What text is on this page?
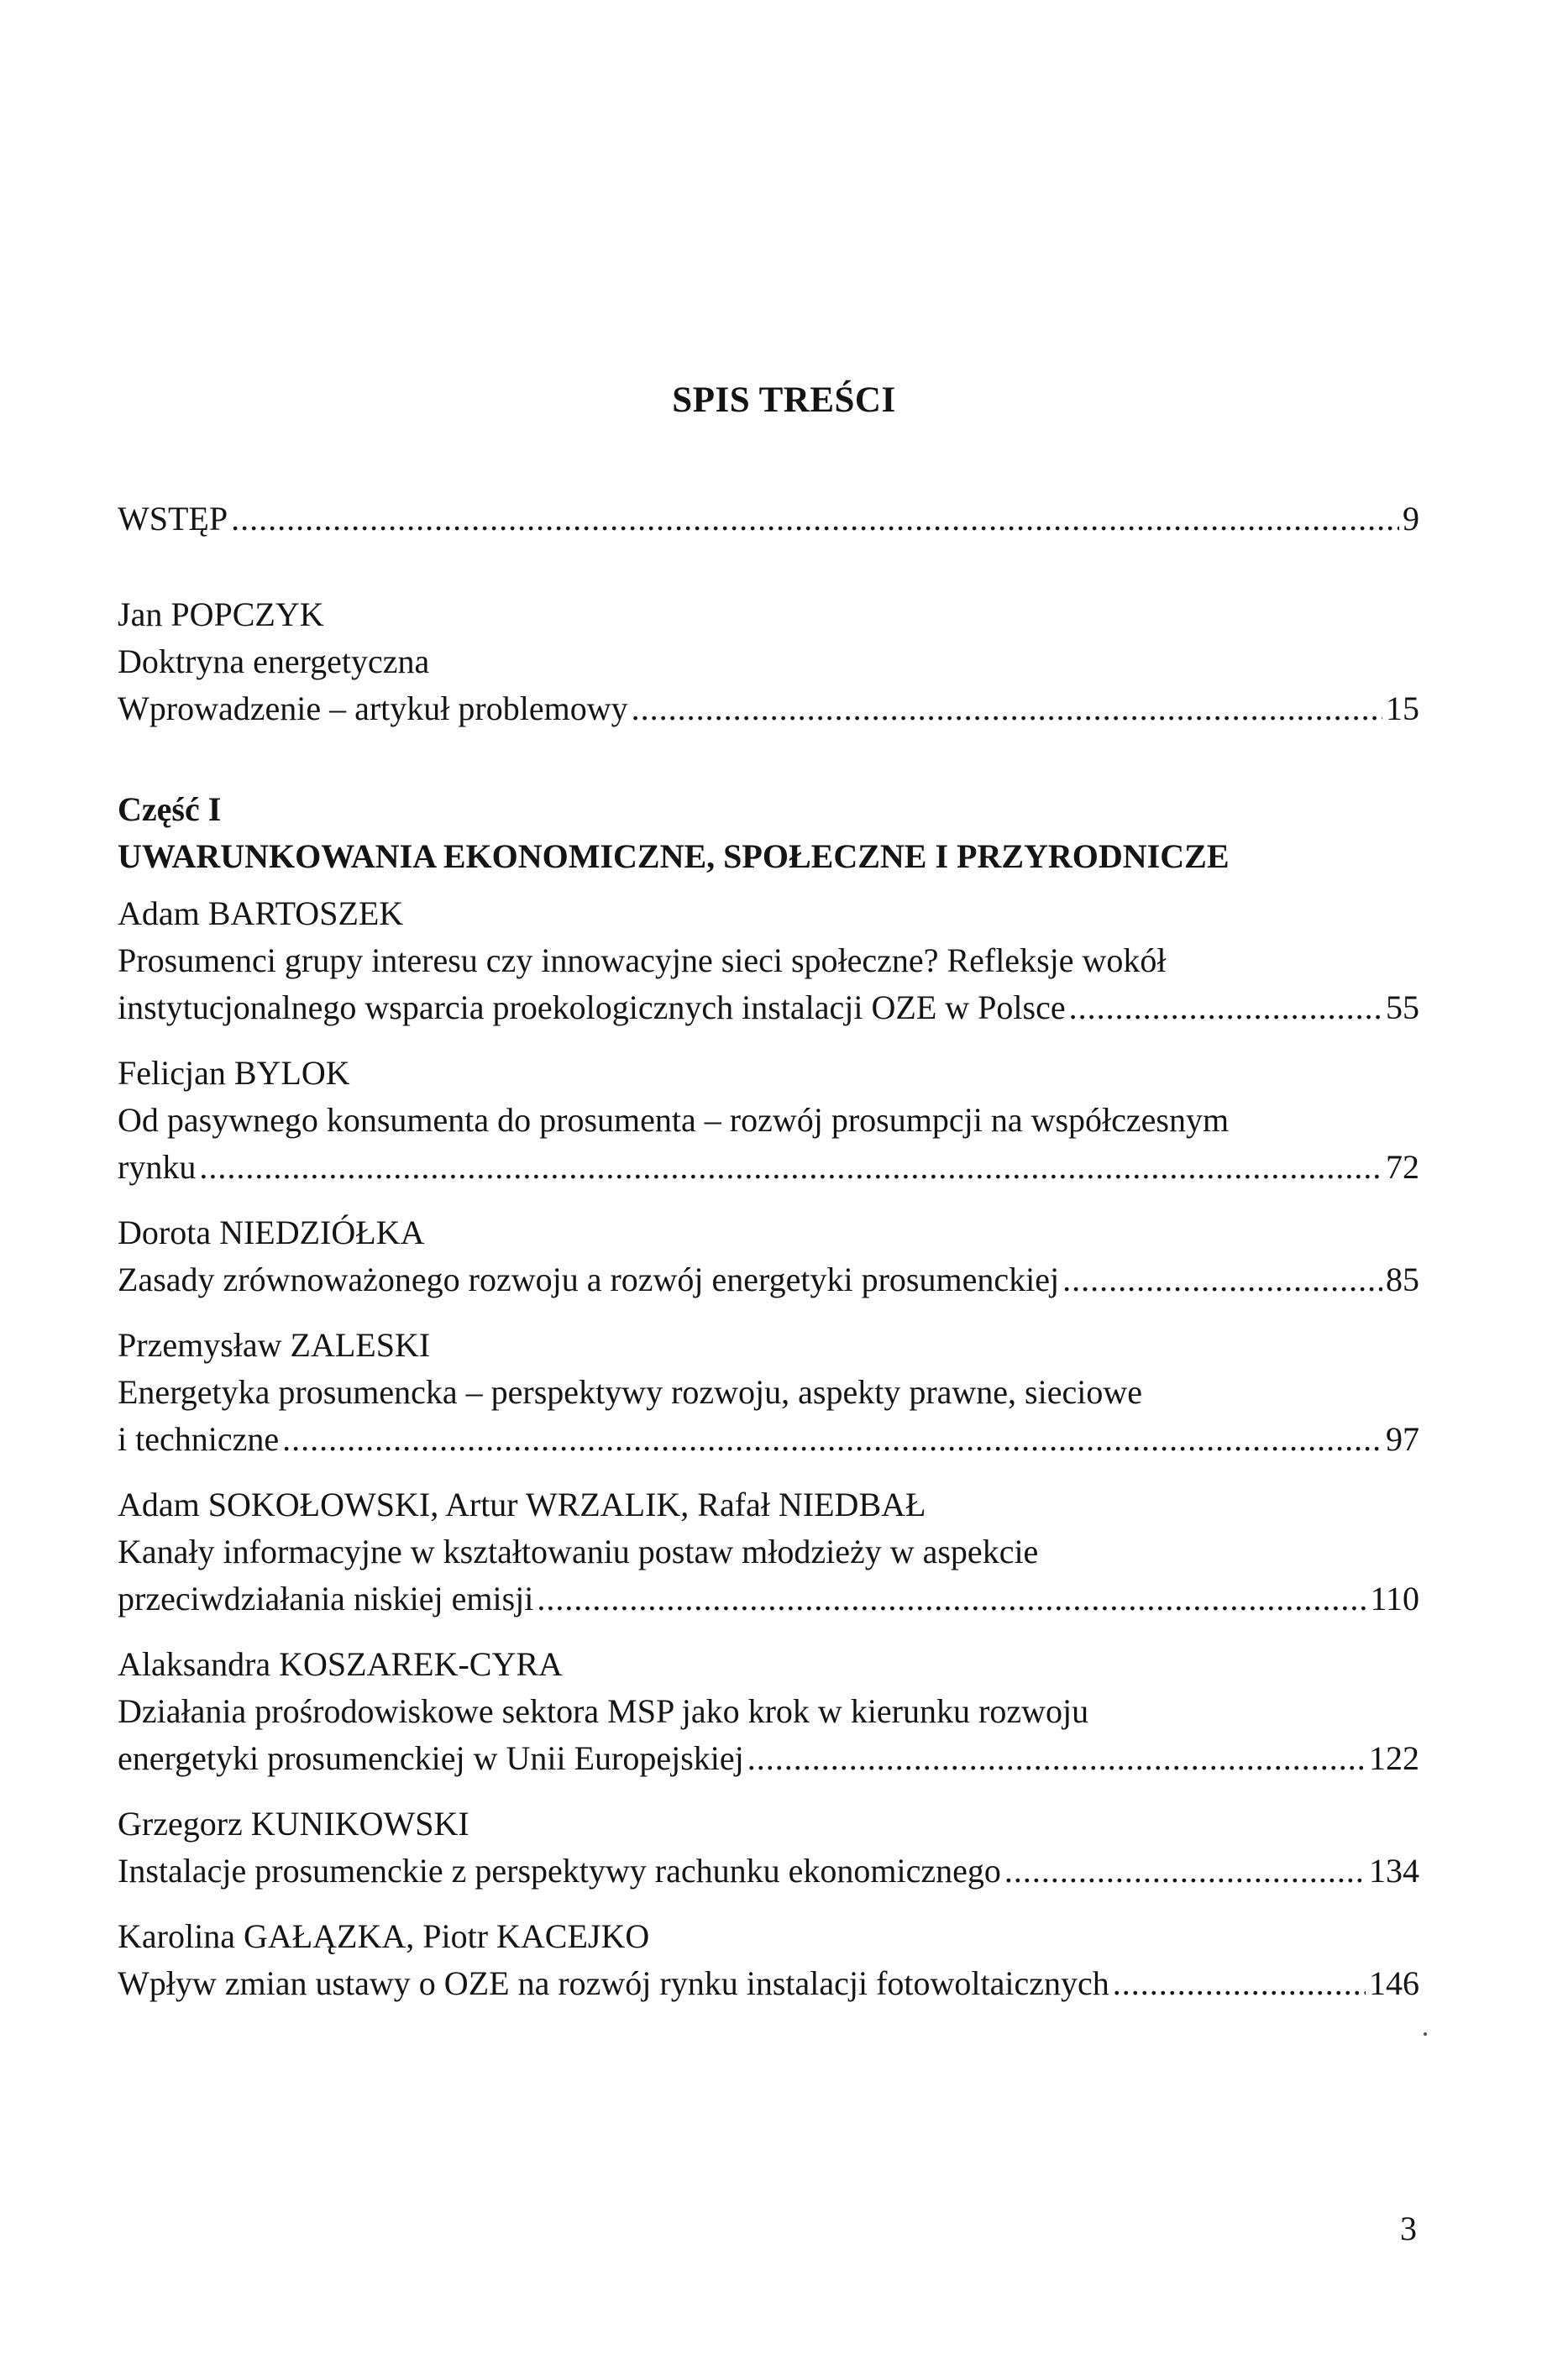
SPIS TREŚCI
WSTĘP .....	9
Jan POPCZYK
Doktryna energetyczna
Wprowadzenie – artykuł problemowy .....	15
Część I
UWARUNKOWANIA EKONOMICZNE, SPOŁECZNE I PRZYRODNICZE
Adam BARTOSZEK
Prosumenci grupy interesu czy innowacyjne sieci społeczne? Refleksje wokół
instytucjonalnego wsparcia proekologicznych instalacji OZE w Polsce .....	55
Felicjan BYLOK
Od pasywnego konsumenta do prosumenta – rozwój prosumpcji na współczesnym
rynku .....	72
Dorota NIEDZIÓŁKA
Zasady zrównoważonego rozwoju a rozwój energetyki prosumenckiej .....	85
Przemysław ZALESKI
Energetyka prosumencka – perspektywy rozwoju, aspekty prawne, sieciowe
i techniczne .....	97
Adam SOKOŁOWSKI, Artur WRZALIK, Rafał NIEDBAŁ
Kanały informacyjne w kształtowaniu postaw młodzieży w aspekcie
przeciwdziałania niskiej emisji .....	110
Alaksandra KOSZAREK-CYRA
Działania prośrodowiskowe sektora MSP jako krok w kierunku rozwoju
energetyki prosumenckiej w Unii Europejskiej .....	122
Grzegorz KUNIKOWSKI
Instalacje prosumenckie z perspektywy rachunku ekonomicznego .....	134
Karolina GAŁĄZKA, Piotr KACEJKO
Wpływ zmian ustawy o OZE na rozwój rynku instalacji fotowoltaicznych .....	146
3
